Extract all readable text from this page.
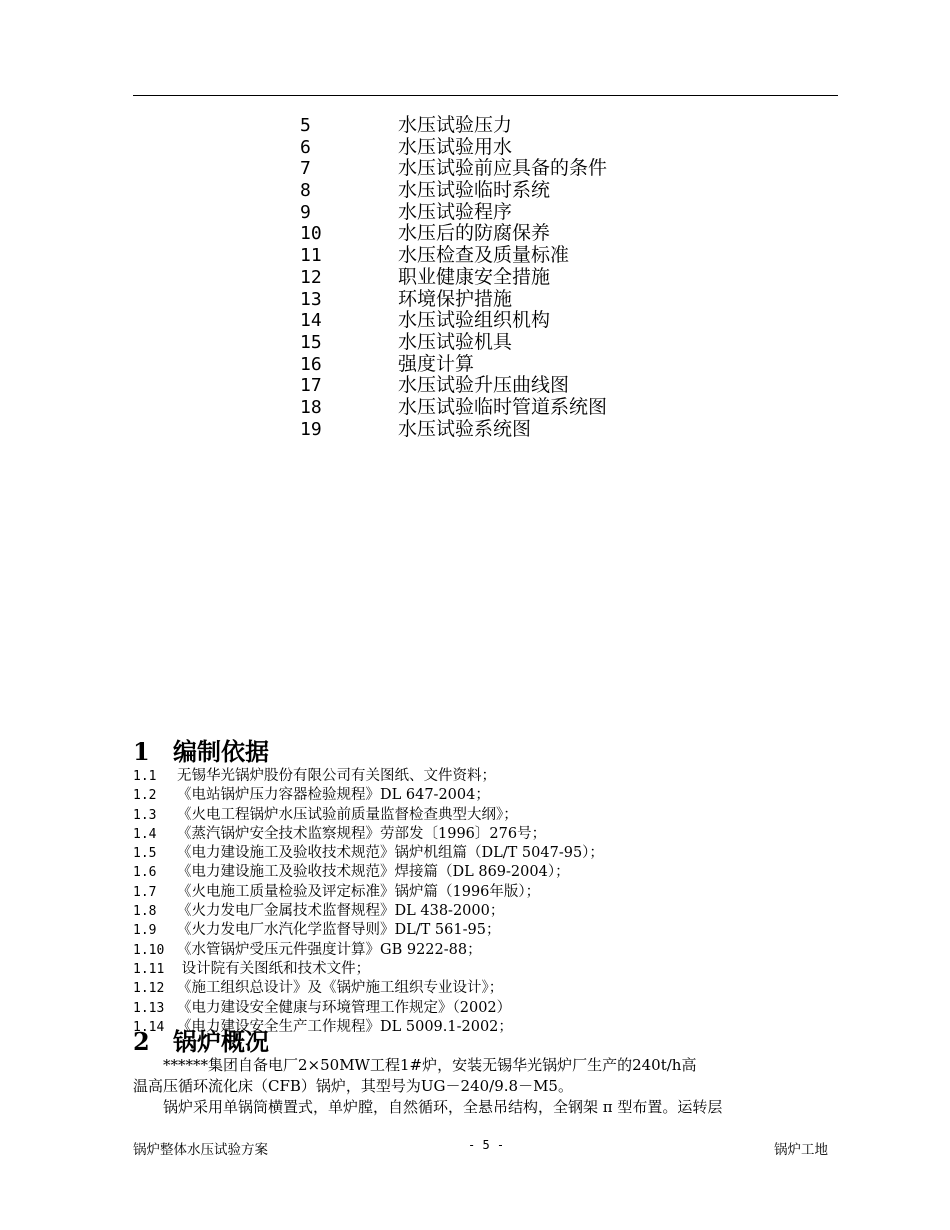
5	水压试验压力
6	水压试验用水
7	水压试验前应具备的条件
8	水压试验临时系统
9	水压试验程序
10	水压后的防腐保养
11	水压检查及质量标准
12	职业健康安全措施
13	环境保护措施
14	水压试验组织机构
15	水压试验机具
16	强度计算
17	水压试验升压曲线图
18	水压试验临时管道系统图
19	水压试验系统图
1 编制依据
1.1 无锡华光锅炉股份有限公司有关图纸、文件资料；
1.2 《电站锅炉压力容器检验规程》DL 647-2004；
1.3 《火电工程锅炉水压试验前质量监督检查典型大纲》；
1.4 《蒸汽锅炉安全技术监察规程》劳部发〔1996〕276号；
1.5 《电力建设施工及验收技术规范》锅炉机组篇（DL/T 5047-95）；
1.6 《电力建设施工及验收技术规范》焊接篇（DL 869-2004）；
1.7 《火电施工质量检验及评定标准》锅炉篇（1996年版）；
1.8 《火力发电厂金属技术监督规程》DL 438-2000；
1.9 《火力发电厂水汽化学监督导则》DL/T 561-95；
1.10 《水管锅炉受压元件强度计算》GB 9222-88；
1.11 设计院有关图纸和技术文件；
1.12 《施工组织总设计》及《锅炉施工组织专业设计》；
1.13 《电力建设安全健康与环境管理工作规定》（2002）
1.14 《电力建设安全生产工作规程》DL 5009.1-2002；
2 锅炉概况

******集团自备电厂2×50MW工程1#炉，安装无锡华光锅炉厂生产的240t/h高

温高压循环流化床（CFB）锅炉，其型号为UG－240/9.8－M5。

锅炉采用单锅筒横置式，单炉膛，自然循环，全悬吊结构，全钢架 π 型布置。运转层

锅炉整体水压试验方案	- 5 -	锅炉工地
